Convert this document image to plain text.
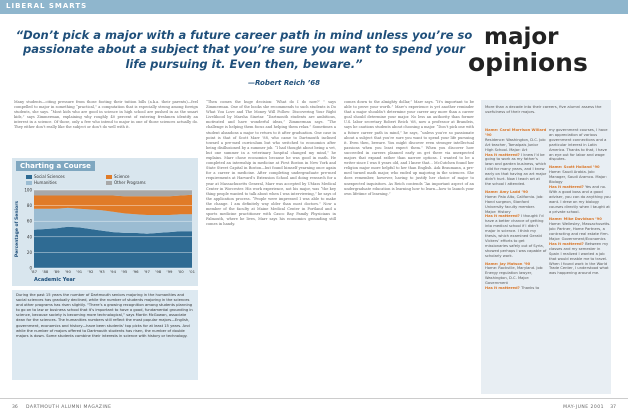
LIBERAL SMARTS
“Don’t pick a major with a future career path in mind unless you’re so passionate about a subject that you’re sure you want to spend your life pursuing it. Even then, beware.”
—Robert Reich ’68
major
opinions

Many students—citing pressure from those footing their tuition bills (a.k.a. their parents)—feel compelled to major in something “practical,” a computation that is especially strong among foreign students, she says. “Most kids who are good in science in high school are pushed in as the smart kids,” says Zimmerman, explaining why roughly 40 percent of entering freshmen identify an interest in a science. Of those, only a few who intend to major in one of those sciences actually do. They either don’t really like the subject or don’t do well with it.

“Then comes the huge decision: ‘What do I do now?’ ” says Zimmerman. One of the books she recommends to such students is Do What You Love and The Money Will Follow: Discovering Your Right Livelihood by Marsha Sinetar. “Dartmouth students are ambitious, motivated and have wonderful ideas,” Zimmerman says. “The challenge is helping them focus and helping them relax.” Sometimes a student abandons a major to return to it after graduation. One case in point is that of Scott Marr ’88, who came to Dartmouth inclined toward a pre-med curriculum but who switched to economics after being disillusioned by a summer job. “I had thought about being a vet, but one summer in a veterinary hospital changed my mind,” he explains. Marr chose economics because he was good in math. He completed an internship in medicine at First Boston in New York and State Street Capital in Boston—but found himself yearning once again for a career in medicine. After completing undergraduate pre-med requirements at Harvard’s Extension School and doing research for a year at Massachusetts General, Marr was accepted by UMass Medical Center in Worcester. His work experience, not his major, was “the key thing people wanted to talk about when I was interviewing,” he says of the application process. “People were impressed I was able to make the change. I am definitely way older than most doctors.” Now a member of the faculty at Maine Medical Center in Portland and a sports medicine practitioner with Casco Bay Family Physicians in Falmouth, where he lives, Marr says his economics grounding still comes in handy.

comes down to the almighty dollar,” Marr says. “It’s important to be able to prove your worth.” Marr’s experience is yet another reminder that a major shouldn’t determine your career any more than a career goal should determine your major. No less an authority than former U.S. labor secretary Robert Reich ’68, now a professor at Brandeis, says he cautions students about choosing a major. “Don’t pick one with a future career path in mind,” he says, “unless you’re so passionate about a subject that you’re sure you want to spend your life pursuing it. Even then, beware. You might discover even stronger intellectual passions when you least expect them.” When you discover how succeeded in careers planned early on get there via unexpected majors that expand rather than narrow options. I wanted to be a writer since I was 8 years old, and I knew that... McCutchen found her religion major more helpful to her than English. Ask Braumann, a pre-med turned math major, who ended up majoring in the sciences. She does remember, however, having to justify her choice of major to unexpected inquisitors. As Reich contends “An important aspect of an undergraduate education is learning how to learn—how to launch your own lifetime of learning.”

Charting a Course
Social Sciences	Science
Humanities	Other Programs
0
20
40
60
80
100
’87 ’88 ’89 ’90 ’91 ’92 ’93 ’94 ’95 ’96 ’97 ’98 ’99 ’00 ’01
Academic Year
Percentage of Seniors
During the past 15 years the number of Dartmouth seniors majoring in the humanities and social sciences has gradually declined, while the number of students majoring in the sciences and other programs has risen slightly. “There’s a growing recognition among students planning to go on to law or business school that it’s important to have a good, fundamental grounding in science, because society is becoming more technological,” says Martin McGowan, associate dean for the sciences. The humanities numbers still reflect the most popular majors—English, government, economics and history—have been students’ top picks for at least 15 years. And while the number of majors offered to Dartmouth students has risen, the number of double majors is down. Some students combine their interests in science with history or technology.
More than a decade into their careers, five alumni assess the usefulness of their majors.
Name: Carol Morrison Willard ’90
Residence: Washington, D.C. Job: Art teacher, Tamalpais Junior High School. Major: Art
Has it mattered? I knew I’d be going to work as my father’s lawn and garden business, which I did for many years, and I knew early on that having an art major didn’t hurt. Now I teach art at the school I attended.
Name: Amy Ladd ’90
Home: Palo Alto, California. Job: Hand surgeon, Stanford University faculty member. Major: History
Has it mattered? I thought I’d have a better chance of getting into medical school if I didn’t major in science. I think my thesis, which examined Gerald Vickers’ efforts to get missionaries safely out of Syria, showed perhaps I was capable of scholarly work.
Name: Jay Matson ’90
Home: Rockville, Maryland. Job: Energy regulation lawyer, Washington, D.C. Major: Government
Has it mattered? Thanks to
my government courses, I have an appreciation of various government connections and a particular interest in Latin America. Thanks to that, I have an eye out for labor and wage disputes.
Name: Scott Holland ’90
Home: Saudi Arabia. Job: Manager, Saudi Aramco. Major: Biology
Has it mattered? Yes and no. With a good boss and a good adviser, you can do anything you want. I drew on my biology courses directly when I taught at a private school.
Name: Mike Davidson ’90
Home: Wellesley, Massachusetts. Job: Partner, Home Partners, a contracting and real estate firm. Major: Government/Economics
Has it mattered? Between my classes and my semester in Spain I realized I wanted a job that would enable me to travel. When I found work in the World Trade Center, I understood what was happening around me.
36 DARTMOUTH ALUMNI MAGAZINE	MAY-JUNE 2001 37
